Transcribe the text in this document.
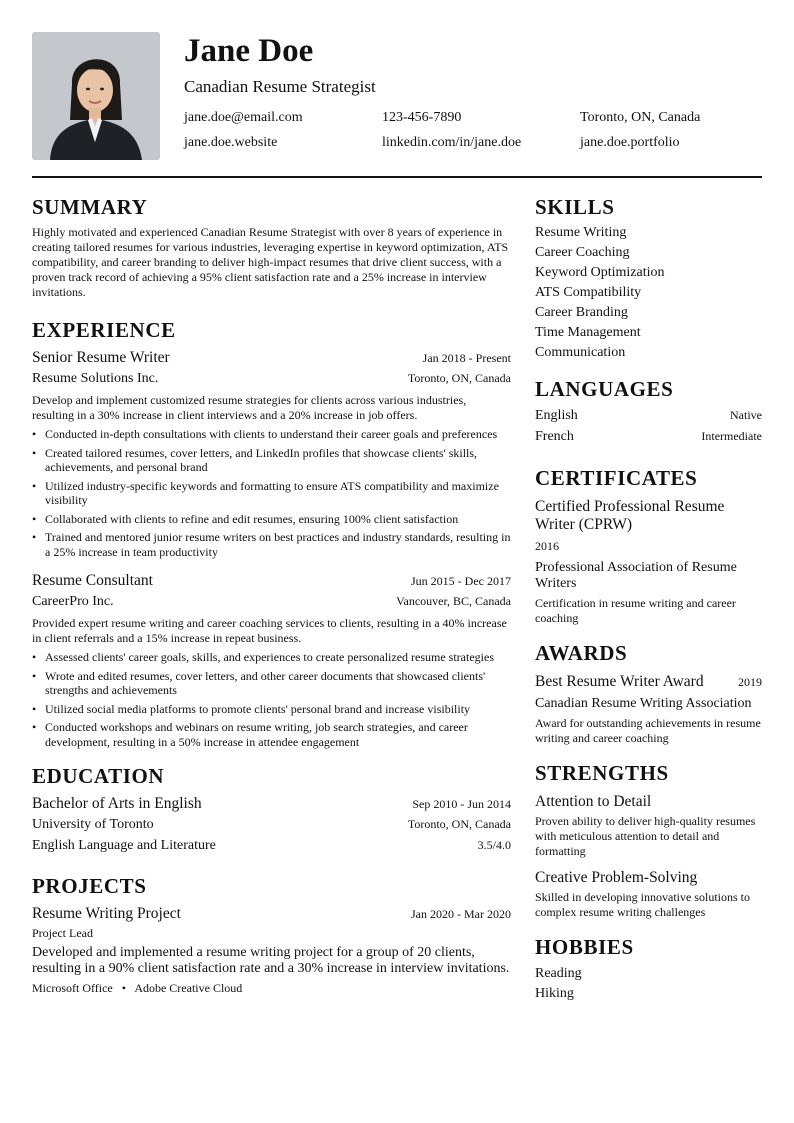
Jane Doe
Canadian Resume Strategist
jane.doe@email.com	123-456-7890	Toronto, ON, Canada
jane.doe.website	linkedin.com/in/jane.doe	jane.doe.portfolio
SUMMARY
Highly motivated and experienced Canadian Resume Strategist with over 8 years of experience in creating tailored resumes for various industries, leveraging expertise in keyword optimization, ATS compatibility, and career branding to deliver high-impact resumes that drive client success, with a proven track record of achieving a 95% client satisfaction rate and a 25% increase in interview invitations.
EXPERIENCE
Senior Resume Writer	Jan 2018 - Present
Resume Solutions Inc.	Toronto, ON, Canada
Develop and implement customized resume strategies for clients across various industries, resulting in a 30% increase in client interviews and a 20% increase in job offers.
• Conducted in-depth consultations with clients to understand their career goals and preferences
• Created tailored resumes, cover letters, and LinkedIn profiles that showcase clients' skills, achievements, and personal brand
• Utilized industry-specific keywords and formatting to ensure ATS compatibility and maximize visibility
• Collaborated with clients to refine and edit resumes, ensuring 100% client satisfaction
• Trained and mentored junior resume writers on best practices and industry standards, resulting in a 25% increase in team productivity
Resume Consultant	Jun 2015 - Dec 2017
CareerPro Inc.	Vancouver, BC, Canada
Provided expert resume writing and career coaching services to clients, resulting in a 40% increase in client referrals and a 15% increase in repeat business.
• Assessed clients' career goals, skills, and experiences to create personalized resume strategies
• Wrote and edited resumes, cover letters, and other career documents that showcased clients' strengths and achievements
• Utilized social media platforms to promote clients' personal brand and increase visibility
• Conducted workshops and webinars on resume writing, job search strategies, and career development, resulting in a 50% increase in attendee engagement
EDUCATION
Bachelor of Arts in English	Sep 2010 - Jun 2014
University of Toronto	Toronto, ON, Canada
English Language and Literature	3.5/4.0
PROJECTS
Resume Writing Project	Jan 2020 - Mar 2020
Project Lead
Developed and implemented a resume writing project for a group of 20 clients, resulting in a 90% client satisfaction rate and a 30% increase in interview invitations.
Microsoft Office • Adobe Creative Cloud
SKILLS
Resume Writing
Career Coaching
Keyword Optimization
ATS Compatibility
Career Branding
Time Management
Communication
LANGUAGES
English	Native
French	Intermediate
CERTIFICATES
Certified Professional Resume Writer (CPRW)
2016
Professional Association of Resume Writers
Certification in resume writing and career coaching
AWARDS
Best Resume Writer Award	2019
Canadian Resume Writing Association
Award for outstanding achievements in resume writing and career coaching
STRENGTHS
Attention to Detail
Proven ability to deliver high-quality resumes with meticulous attention to detail and formatting
Creative Problem-Solving
Skilled in developing innovative solutions to complex resume writing challenges
HOBBIES
Reading
Hiking
